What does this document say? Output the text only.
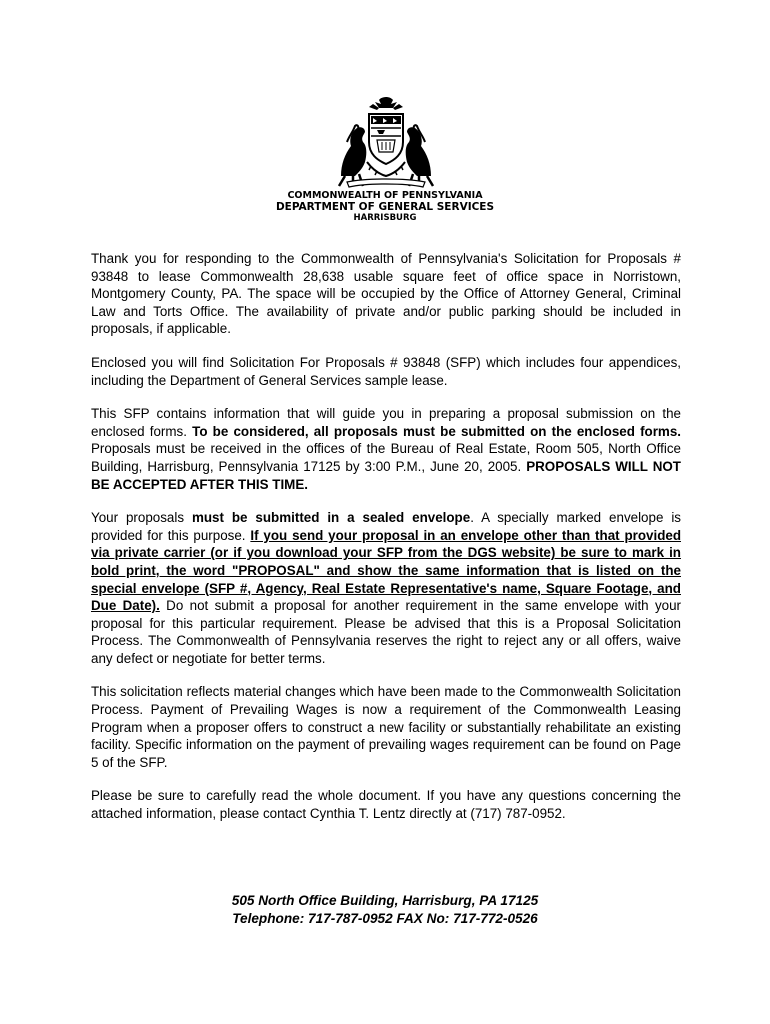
COMMONWEALTH OF PENNSYLVANIA
DEPARTMENT OF GENERAL SERVICES
HARRISBURG

Thank you for responding to the Commonwealth of Pennsylvania's Solicitation for Proposals # 93848 to lease Commonwealth 28,638 usable square feet of office space in Norristown, Montgomery County, PA. The space will be occupied by the Office of Attorney General, Criminal Law and Torts Office. The availability of private and/or public parking should be included in proposals, if applicable.

Enclosed you will find Solicitation For Proposals # 93848 (SFP) which includes four appendices, including the Department of General Services sample lease.

This SFP contains information that will guide you in preparing a proposal submission on the enclosed forms. To be considered, all proposals must be submitted on the enclosed forms. Proposals must be received in the offices of the Bureau of Real Estate, Room 505, North Office Building, Harrisburg, Pennsylvania 17125 by 3:00 P.M., June 20, 2005. PROPOSALS WILL NOT BE ACCEPTED AFTER THIS TIME.

Your proposals must be submitted in a sealed envelope. A specially marked envelope is provided for this purpose. If you send your proposal in an envelope other than that provided via private carrier (or if you download your SFP from the DGS website) be sure to mark in bold print, the word "PROPOSAL" and show the same information that is listed on the special envelope (SFP #, Agency, Real Estate Representative's name, Square Footage, and Due Date). Do not submit a proposal for another requirement in the same envelope with your proposal for this particular requirement. Please be advised that this is a Proposal Solicitation Process. The Commonwealth of Pennsylvania reserves the right to reject any or all offers, waive any defect or negotiate for better terms.

This solicitation reflects material changes which have been made to the Commonwealth Solicitation Process. Payment of Prevailing Wages is now a requirement of the Commonwealth Leasing Program when a proposer offers to construct a new facility or substantially rehabilitate an existing facility. Specific information on the payment of prevailing wages requirement can be found on Page 5 of the SFP.

Please be sure to carefully read the whole document. If you have any questions concerning the attached information, please contact Cynthia T. Lentz directly at (717) 787-0952.

505 North Office Building, Harrisburg, PA 17125
Telephone: 717-787-0952 FAX No: 717-772-0526
